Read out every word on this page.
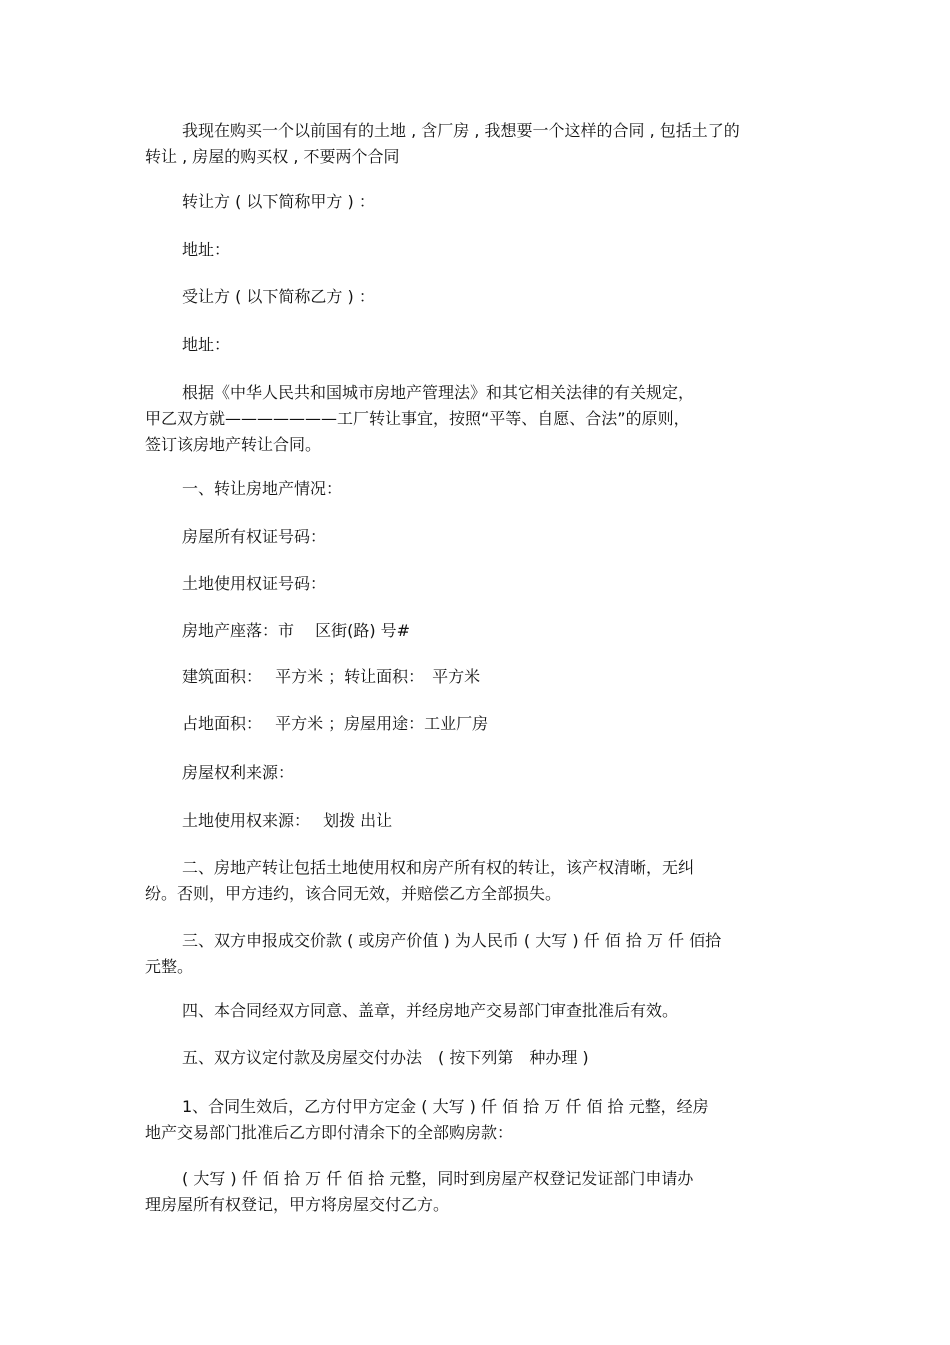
我现在购买一个以前国有的土地 , 含厂房 , 我想要一个这样的合同 , 包括土了的
转让 , 房屋的购买权 , 不要两个合同
转让方 ( 以下简称甲方 ) ：
地址：
受让方 ( 以下简称乙方 ) ：
地址：
根据《中华人民共和国城市房地产管理法》和其它相关法律的有关规定，
甲乙双方就———————工厂转让事宜，按照“平等、自愿、合法”的原则，
签订该房地产转让合同。
一、转让房地产情况：
房屋所有权证号码：
土地使用权证号码：
房地产座落：市　 区街(路) 号#
建筑面积：　 平方米 ；转让面积：　平方米
占地面积：　 平方米 ；房屋用途：工业厂房
房屋权利来源：
土地使用权来源：　 划拨 出让
二、房地产转让包括土地使用权和房产所有权的转让，该产权清晰，无纠
纷。否则，甲方违约，该合同无效，并赔偿乙方全部损失。
三、双方申报成交价款 ( 或房产价值 ) 为人民币 ( 大写 ) 仟 佰 拾 万 仟 佰拾
元整。
四、本合同经双方同意、盖章，并经房地产交易部门审查批准后有效。
五、双方议定付款及房屋交付办法　( 按下列第　种办理 )
1、合同生效后，乙方付甲方定金 ( 大写 ) 仟 佰 拾 万 仟 佰 拾 元整，经房
地产交易部门批准后乙方即付清余下的全部购房款：
( 大写 ) 仟 佰 拾 万 仟 佰 拾 元整，同时到房屋产权登记发证部门申请办
理房屋所有权登记，甲方将房屋交付乙方。
